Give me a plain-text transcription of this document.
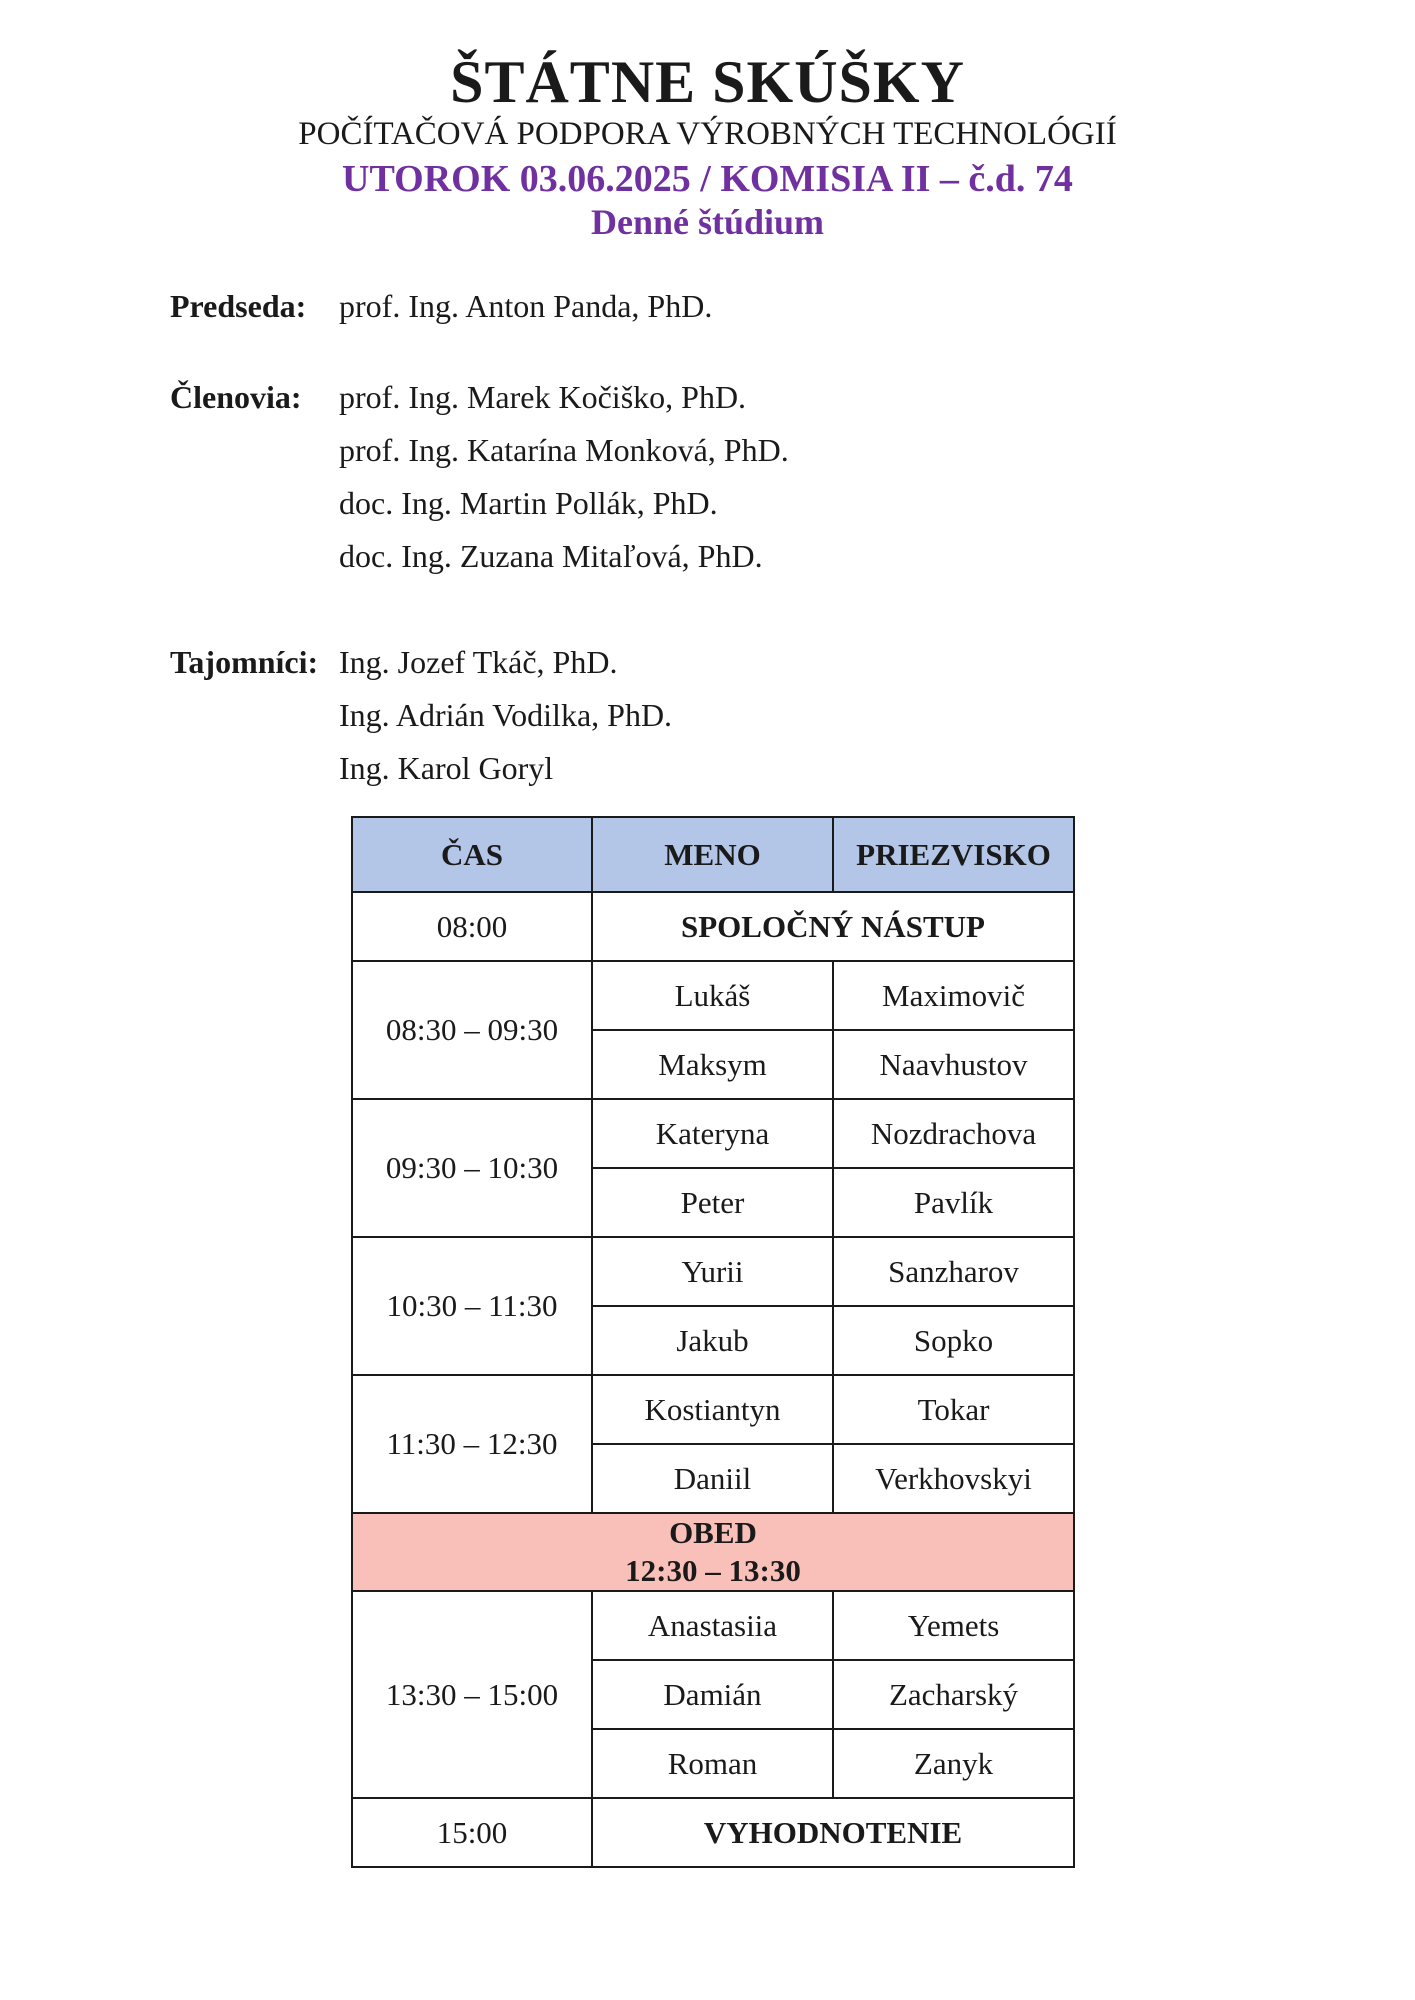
ŠTÁTNE SKÚŠKY
POČÍTAČOVÁ PODPORA VÝROBNÝCH TECHNOLÓGIÍ
UTOROK 03.06.2025 / KOMISIA II – č.d. 74
Denné štúdium
Predseda: prof. Ing. Anton Panda, PhD.
Členovia: prof. Ing. Marek Kočiško, PhD.
prof. Ing. Katarína Monková, PhD.
doc. Ing. Martin Pollák, PhD.
doc. Ing. Zuzana Mitaľová, PhD.
Tajomníci: Ing. Jozef Tkáč, PhD.
Ing. Adrián Vodilka, PhD.
Ing. Karol Goryl
ČAS	MENO	PRIEZVISKO
08:00	SPOLOČNÝ NÁSTUP	
08:30 – 09:30	Lukáš	Maximovič
	Maksym	Naavhustov
09:30 – 10:30	Kateryna	Nozdrachova
	Peter	Pavlík
10:30 – 11:30	Yurii	Sanzharov
	Jakub	Sopko
11:30 – 12:30	Kostiantyn	Tokar
	Daniil	Verkhovskyi

OBED
12:30 – 13:30		

13:30 – 15:00	Anastasiia	Yemets
	Damián	Zacharský
	Roman	Zanyk
15:00	VYHODNOTENIE	
